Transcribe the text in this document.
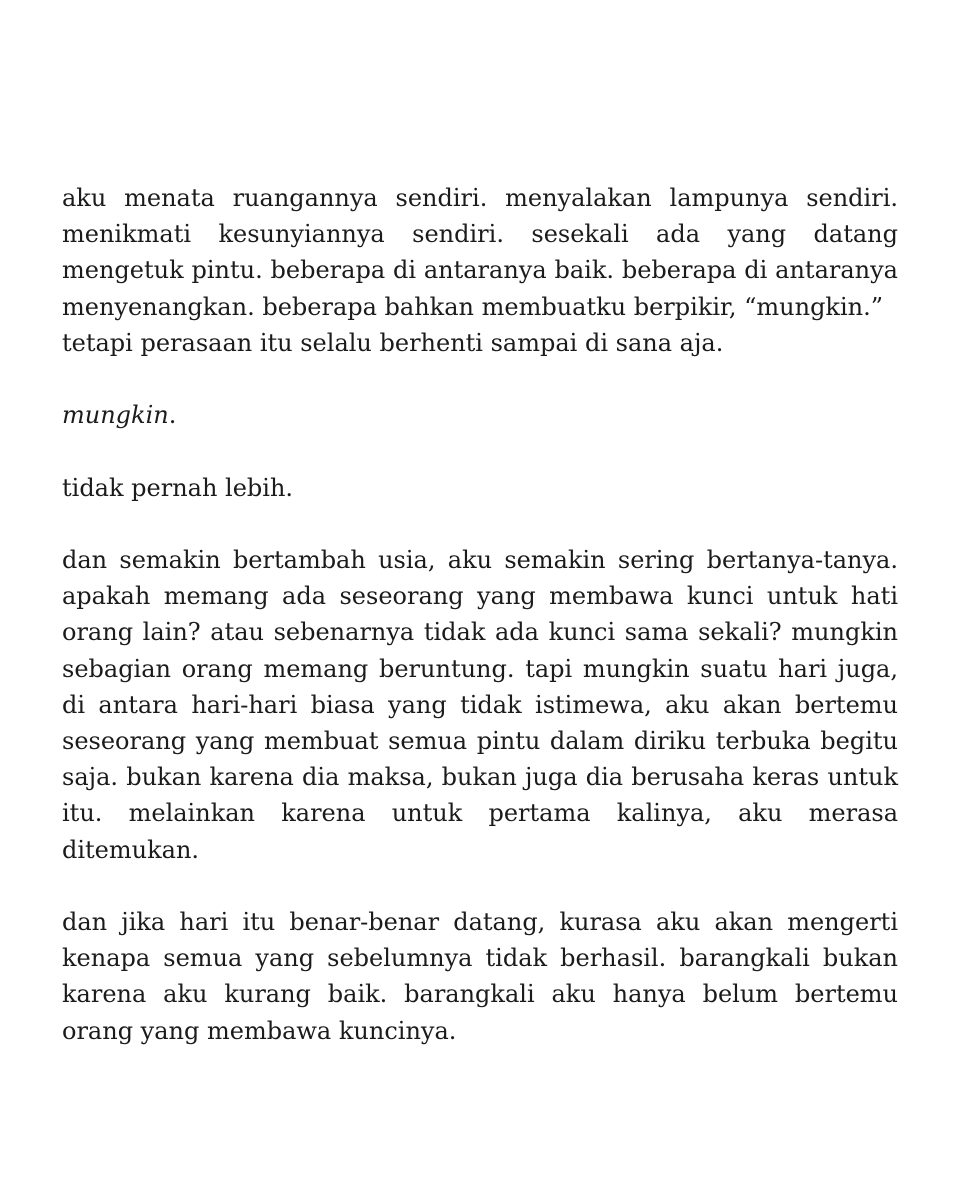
aku menata ruangannya sendiri. menyalakan lampunya sendiri. menikmati kesunyiannya sendiri. sesekali ada yang datang mengetuk pintu. beberapa di antaranya baik. beberapa di antaranya menyenangkan. beberapa bahkan membuatku berpikir, “mungkin.”
tetapi perasaan itu selalu berhenti sampai di sana aja.

mungkin.

tidak pernah lebih.

dan semakin bertambah usia, aku semakin sering bertanya-tanya. apakah memang ada seseorang yang membawa kunci untuk hati orang lain? atau sebenarnya tidak ada kunci sama sekali? mungkin sebagian orang memang beruntung. tapi mungkin suatu hari juga, di antara hari-hari biasa yang tidak istimewa, aku akan bertemu seseorang yang membuat semua pintu dalam diriku terbuka begitu saja. bukan karena dia maksa, bukan juga dia berusaha keras untuk itu. melainkan karena untuk pertama kalinya, aku merasa ditemukan.

dan jika hari itu benar-benar datang, kurasa aku akan mengerti kenapa semua yang sebelumnya tidak berhasil. barangkali bukan karena aku kurang baik. barangkali aku hanya belum bertemu orang yang membawa kuncinya.
